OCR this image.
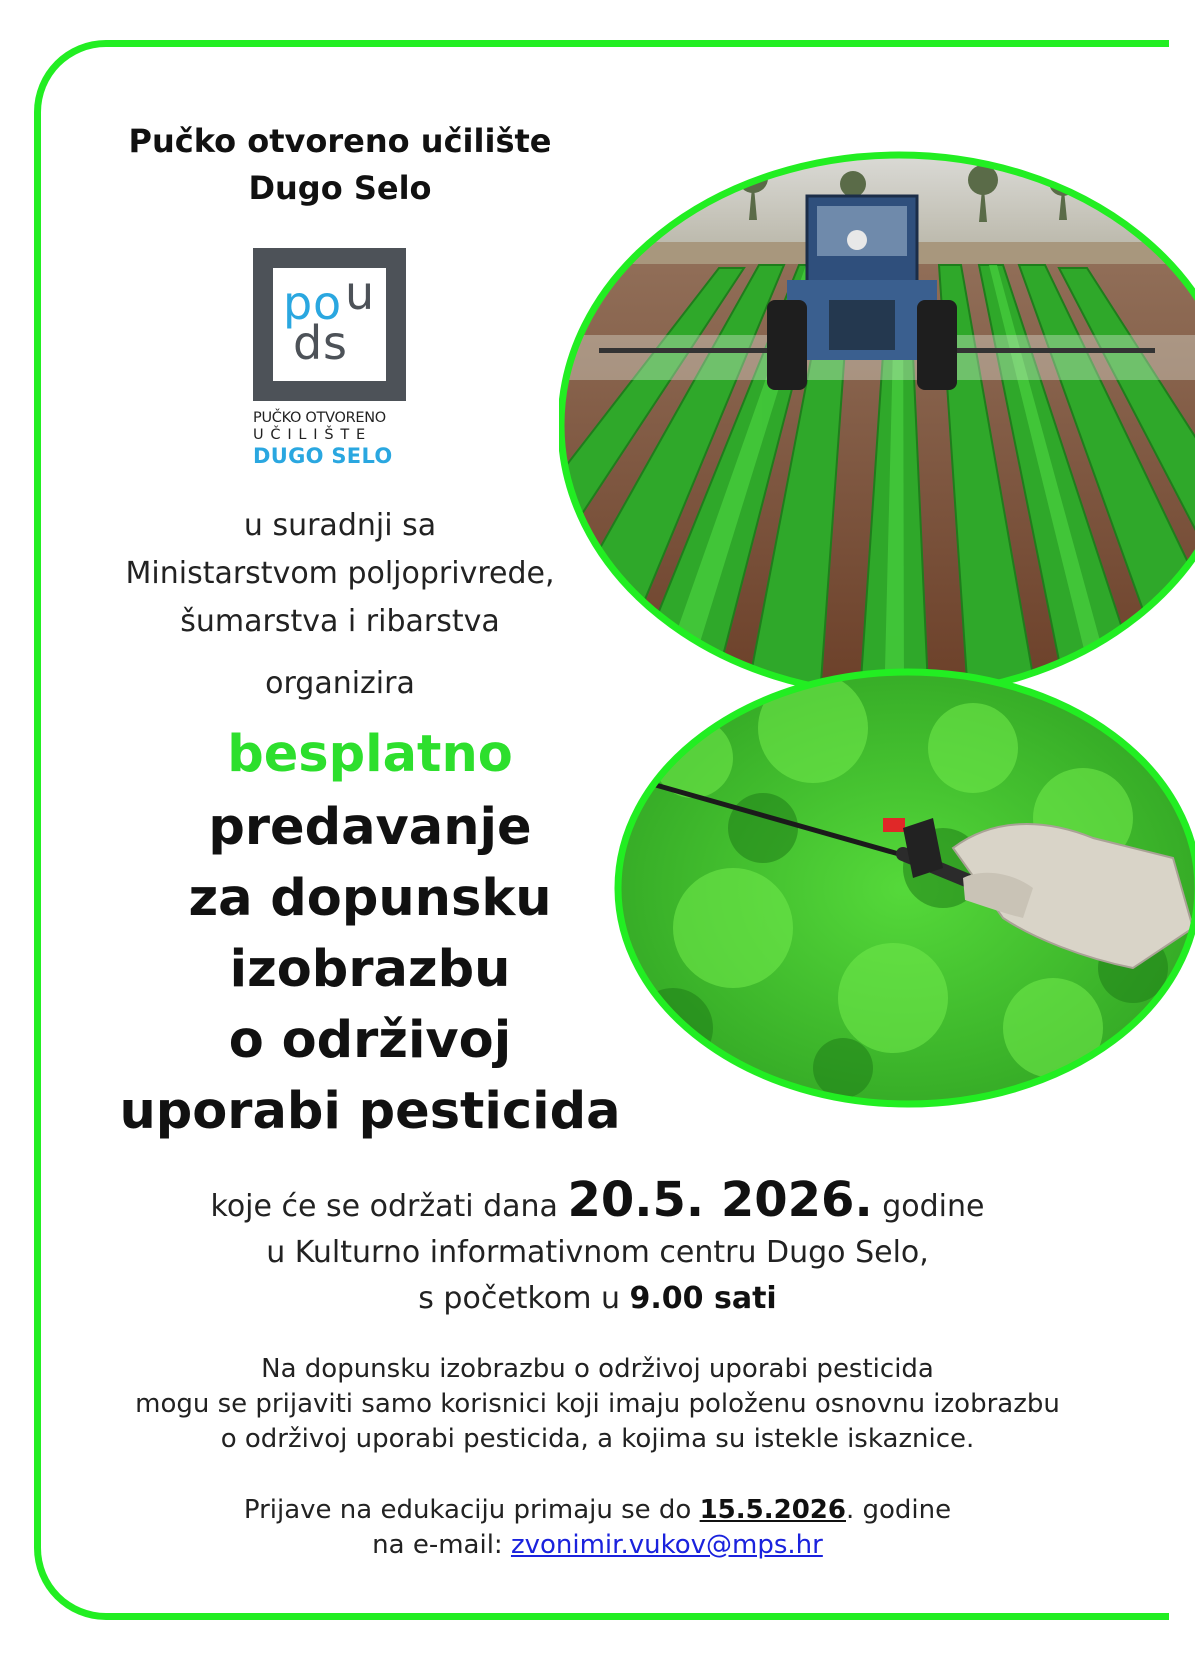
Pučko otvoreno učilište
Dugo Selo
p o u
d s
PUČKO OTVORENO
UČILIŠTE
DUGO SELO
u suradnji sa
Ministarstvom poljoprivrede,
šumarstva i ribarstva
organizira
besplatno
predavanje
za dopunsku
izobrazbu
o održivoj
uporabi pesticida
koje će se održati dana 20.5. 2026. godine
u Kulturno informativnom centru Dugo Selo,
s početkom u 9.00 sati
Na dopunsku izobrazbu o održivoj uporabi pesticida
mogu se prijaviti samo korisnici koji imaju položenu osnovnu izobrazbu
o održivoj uporabi pesticida, a kojima su istekle iskaznice.
Prijave na edukaciju primaju se do 15.5.2026. godine
na e-mail: zvonimir.vukov@mps.hr
